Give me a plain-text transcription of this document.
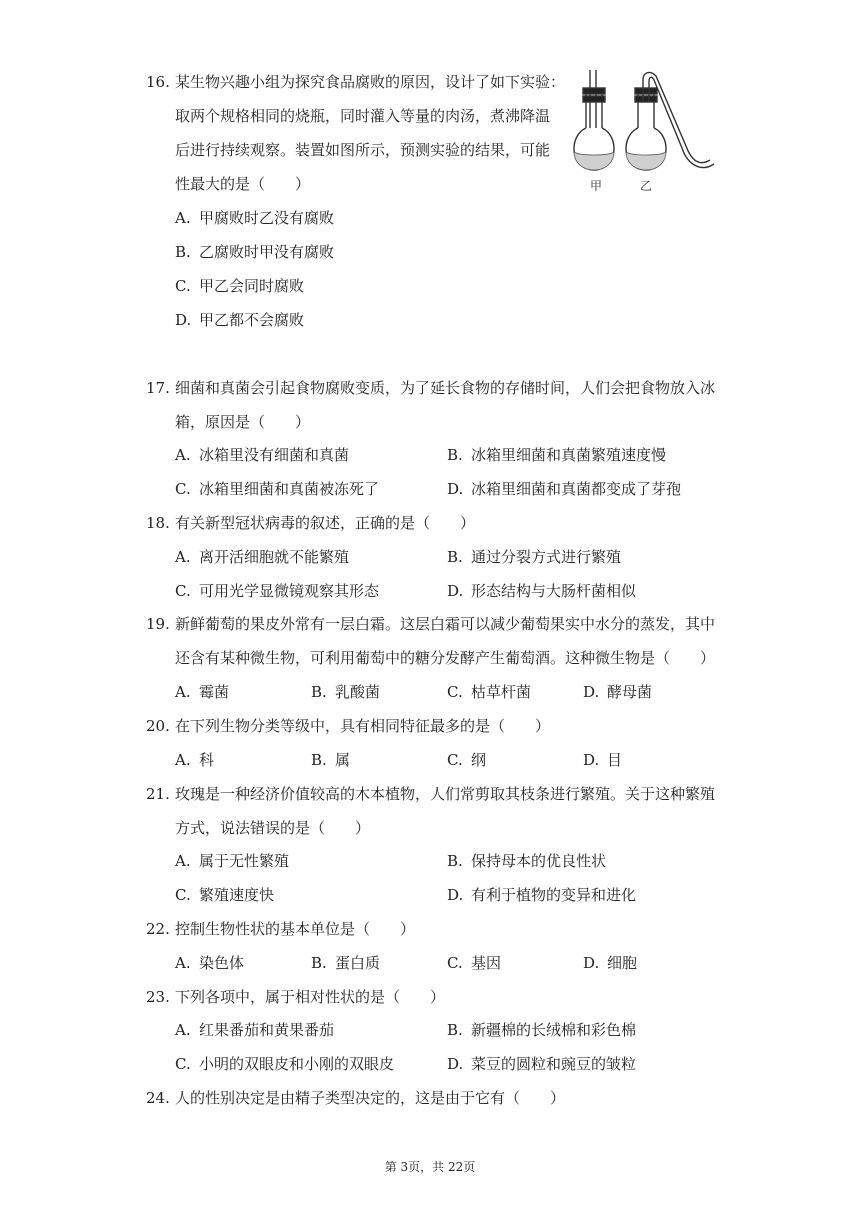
16. 某生物兴趣小组为探究食品腐败的原因，设计了如下实验：
取两个规格相同的烧瓶，同时灌入等量的肉汤，煮沸降温
后进行持续观察。装置如图所示，预测实验的结果，可能
性最大的是（　　）
A. 甲腐败时乙没有腐败
B. 乙腐败时甲没有腐败
C. 甲乙会同时腐败
D. 甲乙都不会腐败
甲	乙
17. 细菌和真菌会引起食物腐败变质，为了延长食物的存储时间，人们会把食物放入冰
箱，原因是（　　）
A. 冰箱里没有细菌和真菌	B. 冰箱里细菌和真菌繁殖速度慢
C. 冰箱里细菌和真菌被冻死了	D. 冰箱里细菌和真菌都变成了芽孢
18. 有关新型冠状病毒的叙述，正确的是（　　）
A. 离开活细胞就不能繁殖	B. 通过分裂方式进行繁殖
C. 可用光学显微镜观察其形态	D. 形态结构与大肠杆菌相似
19. 新鲜葡萄的果皮外常有一层白霜。这层白霜可以减少葡萄果实中水分的蒸发，其中
还含有某种微生物，可利用葡萄中的糖分发酵产生葡萄酒。这种微生物是（　　）
A. 霉菌	B. 乳酸菌	C. 枯草杆菌	D. 酵母菌
20. 在下列生物分类等级中，具有相同特征最多的是（　　）
A. 科	B. 属	C. 纲	D. 目
21. 玫瑰是一种经济价值较高的木本植物，人们常剪取其枝条进行繁殖。关于这种繁殖
方式，说法错误的是（　　）
A. 属于无性繁殖	B. 保持母本的优良性状
C. 繁殖速度快	D. 有利于植物的变异和进化
22. 控制生物性状的基本单位是（　　）
A. 染色体	B. 蛋白质	C. 基因	D. 细胞
23. 下列各项中，属于相对性状的是（　　）
A. 红果番茄和黄果番茄	B. 新疆棉的长绒棉和彩色棉
C. 小明的双眼皮和小刚的双眼皮	D. 菜豆的圆粒和豌豆的皱粒
24. 人的性别决定是由精子类型决定的，这是由于它有（　　）
第 3页，共 22页
